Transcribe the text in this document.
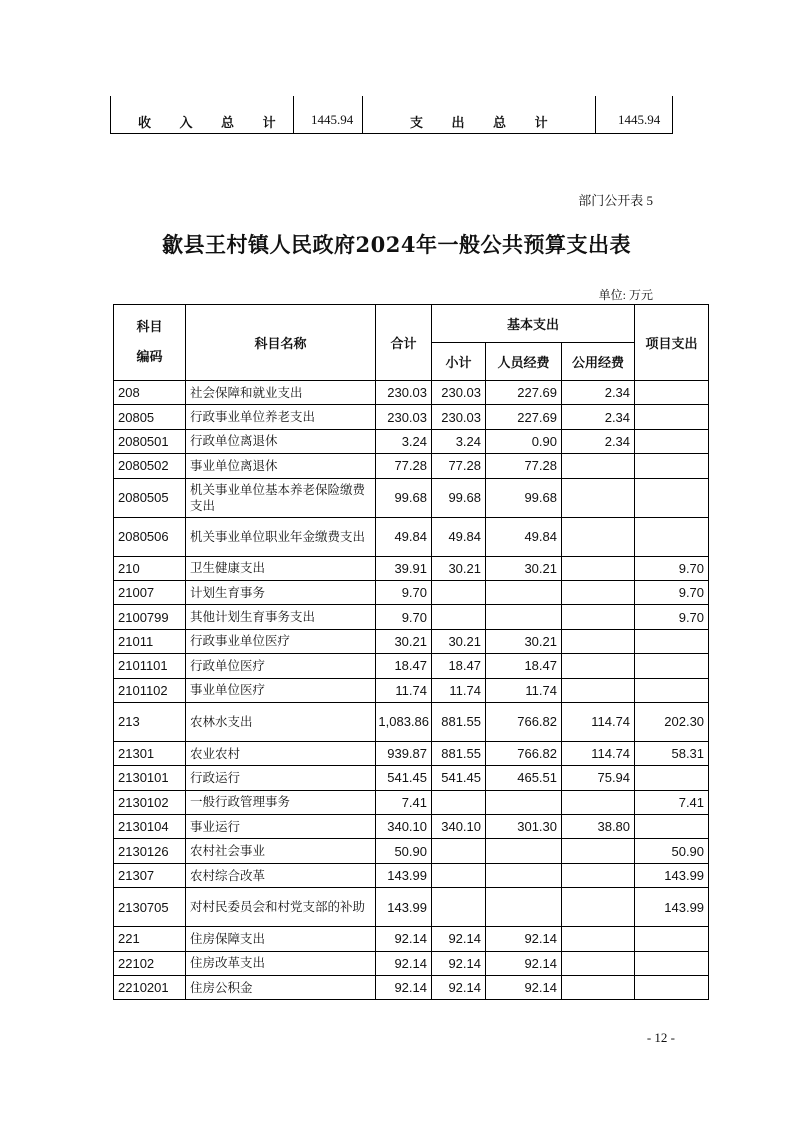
收 入 总 计	1445.94	支 出 总 计	1445.94
部门公开表 5
歙县王村镇人民政府2024年一般公共预算支出表
单位: 万元
科目
编码	科目名称	合计	基本支出			项目支出
			小计	人员经费	公用经费	
208	社会保障和就业支出	230.03	230.03	227.69	2.34	
20805	行政事业单位养老支出	230.03	230.03	227.69	2.34	
2080501	行政单位离退休	3.24	3.24	0.90	2.34	
2080502	事业单位离退休	77.28	77.28	77.28		
2080505	机关事业单位基本养老保险缴费支出	99.68	99.68	99.68		
2080506	机关事业单位职业年金缴费支出	49.84	49.84	49.84		
210	卫生健康支出	39.91	30.21	30.21		9.70
21007	计划生育事务	9.70				9.70
2100799	其他计划生育事务支出	9.70				9.70
21011	行政事业单位医疗	30.21	30.21	30.21		
2101101	行政单位医疗	18.47	18.47	18.47		
2101102	事业单位医疗	11.74	11.74	11.74		
213	农林水支出	1,083.86	881.55	766.82	114.74	202.30
21301	农业农村	939.87	881.55	766.82	114.74	58.31
2130101	行政运行	541.45	541.45	465.51	75.94	
2130102	一般行政管理事务	7.41				7.41
2130104	事业运行	340.10	340.10	301.30	38.80	
2130126	农村社会事业	50.90				50.90
21307	农村综合改革	143.99				143.99
2130705	对村民委员会和村党支部的补助	143.99				143.99
221	住房保障支出	92.14	92.14	92.14		
22102	住房改革支出	92.14	92.14	92.14		
2210201	住房公积金	92.14	92.14	92.14		
- 12 -
